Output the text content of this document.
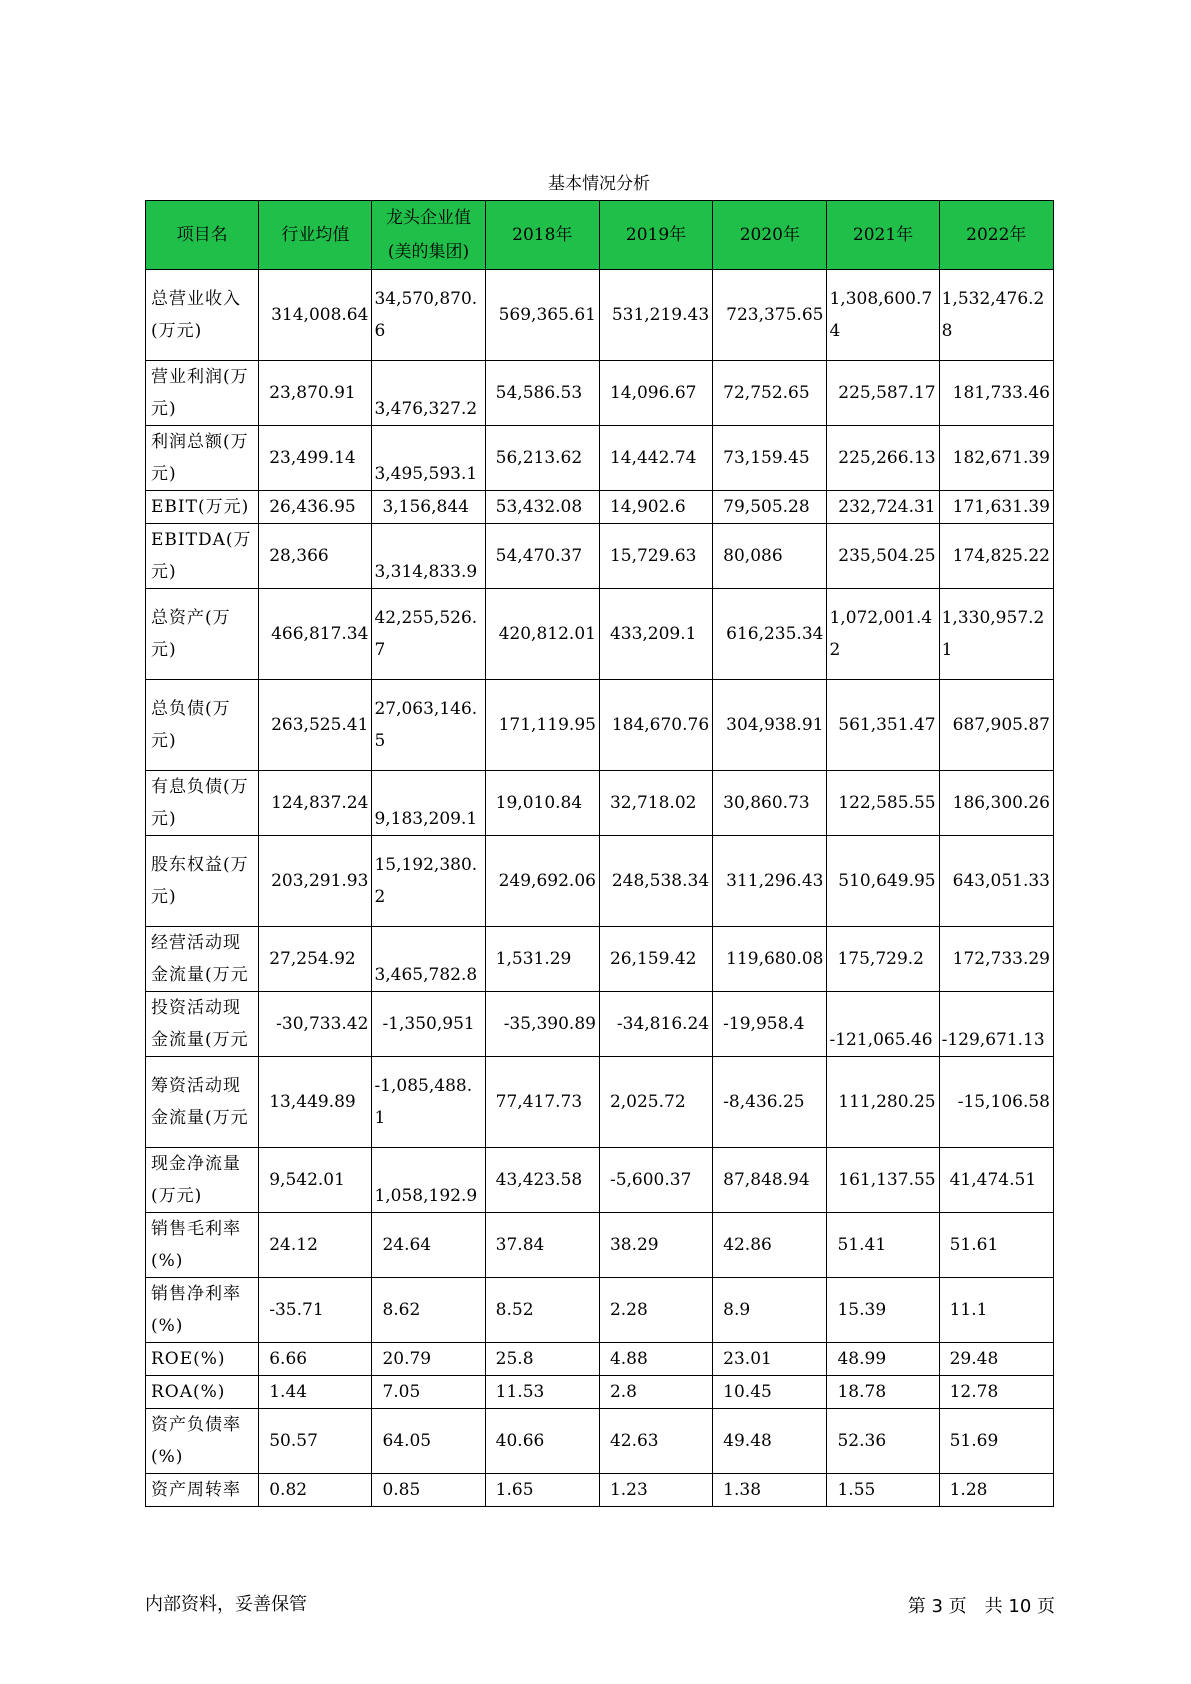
基本情况分析
项目名	行业均值	龙头企业值(美的集团)	2018年	2019年	2020年	2021年	2022年
总营业收入(万元)	314,008.64	34,570,870.6	569,365.61	531,219.43	723,375.65	1,308,600.74	1,532,476.28
营业利润(万元)	23,870.91	3,476,327.2	54,586.53	14,096.67	72,752.65	225,587.17	181,733.46
利润总额(万元)	23,499.14	3,495,593.1	56,213.62	14,442.74	73,159.45	225,266.13	182,671.39
EBIT(万元)	26,436.95	3,156,844	53,432.08	14,902.6	79,505.28	232,724.31	171,631.39
EBITDA(万元)	28,366	3,314,833.9	54,470.37	15,729.63	80,086	235,504.25	174,825.22
总资产(万元)	466,817.34	42,255,526.7	420,812.01	433,209.1	616,235.34	1,072,001.42	1,330,957.21
总负债(万元)	263,525.41	27,063,146.5	171,119.95	184,670.76	304,938.91	561,351.47	687,905.87
有息负债(万元)	124,837.24	9,183,209.1	19,010.84	32,718.02	30,860.73	122,585.55	186,300.26
股东权益(万元)	203,291.93	15,192,380.2	249,692.06	248,538.34	311,296.43	510,649.95	643,051.33
经营活动现金流量(万元	27,254.92	3,465,782.8	1,531.29	26,159.42	119,680.08	175,729.2	172,733.29
投资活动现金流量(万元	-30,733.42	-1,350,951	-35,390.89	-34,816.24	-19,958.4	-121,065.46	-129,671.13
筹资活动现金流量(万元	13,449.89	-1,085,488.1	77,417.73	2,025.72	-8,436.25	111,280.25	-15,106.58
现金净流量(万元)	9,542.01	1,058,192.9	43,423.58	-5,600.37	87,848.94	161,137.55	41,474.51
销售毛利率(%)	24.12	24.64	37.84	38.29	42.86	51.41	51.61
销售净利率(%)	-35.71	8.62	8.52	2.28	8.9	15.39	11.1
ROE(%)	6.66	20.79	25.8	4.88	23.01	48.99	29.48
ROA(%)	1.44	7.05	11.53	2.8	10.45	18.78	12.78
资产负债率(%)	50.57	64.05	40.66	42.63	49.48	52.36	51.69
资产周转率	0.82	0.85	1.65	1.23	1.38	1.55	1.28
内部资料，妥善保管	第 3 页　共 10 页
